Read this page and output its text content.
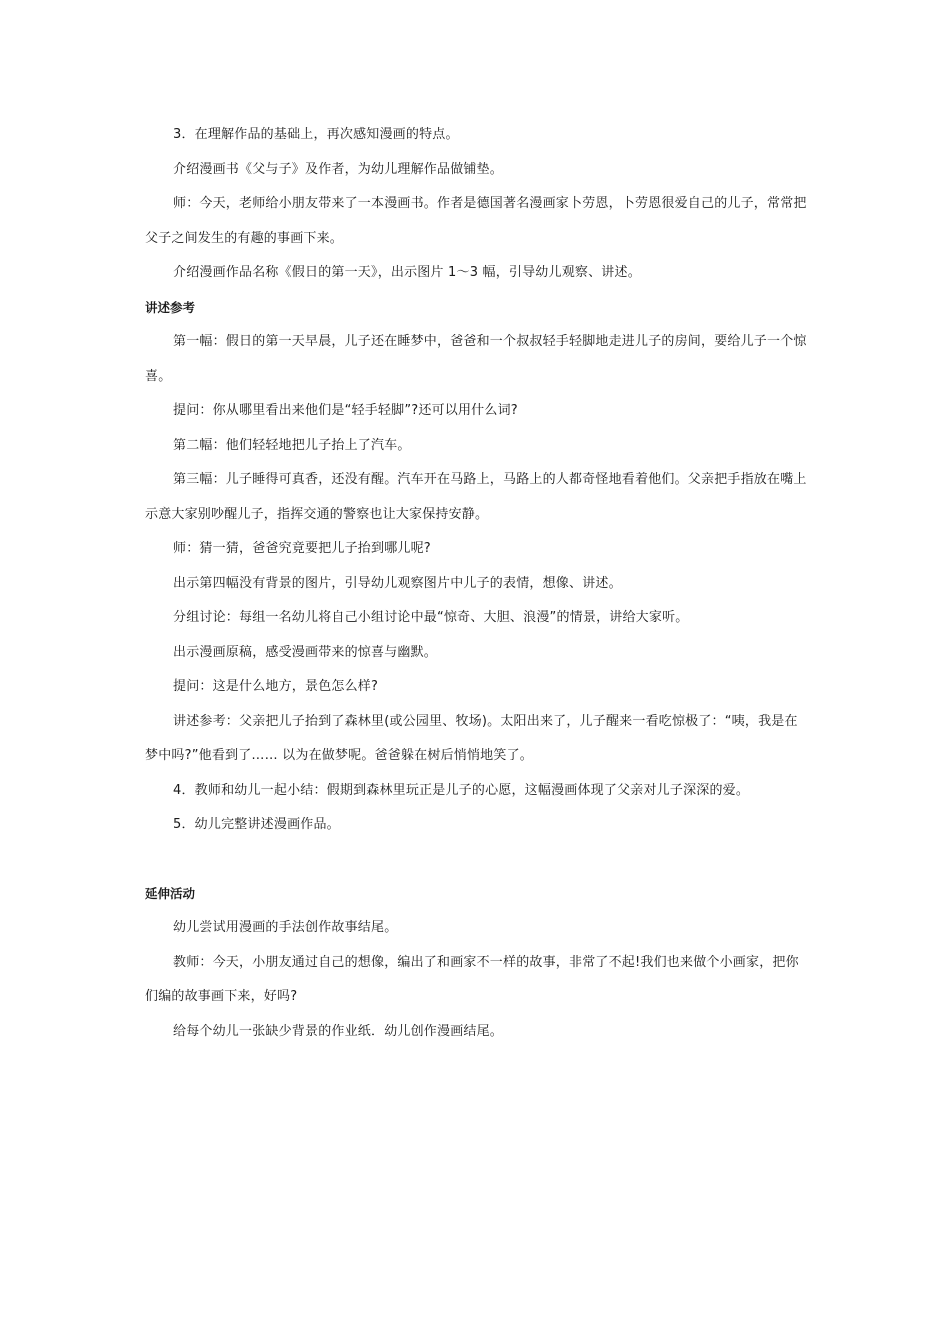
3．在理解作品的基础上，再次感知漫画的特点。

介绍漫画书《父与子》及作者，为幼儿理解作品做铺垫。

师：今天，老师给小朋友带来了一本漫画书。作者是德国著名漫画家卜劳恩，卜劳恩很爱自己的儿子，常常把父子之间发生的有趣的事画下来。

介绍漫画作品名称《假日的第一天》，出示图片 1～3 幅，引导幼儿观察、讲述。

讲述参考

第一幅：假日的第一天早晨，儿子还在睡梦中，爸爸和一个叔叔轻手轻脚地走进儿子的房间，要给儿子一个惊喜。

提问：你从哪里看出来他们是“轻手轻脚”?还可以用什么词?

第二幅：他们轻轻地把儿子抬上了汽车。

第三幅：儿子睡得可真香，还没有醒。汽车开在马路上，马路上的人都奇怪地看着他们。父亲把手指放在嘴上示意大家别吵醒儿子，指挥交通的警察也让大家保持安静。

师：猜一猜，爸爸究竟要把儿子抬到哪儿呢?

出示第四幅没有背景的图片，引导幼儿观察图片中儿子的表情，想像、讲述。

分组讨论：每组一名幼儿将自己小组讨论中最“惊奇、大胆、浪漫”的情景，讲给大家听。

出示漫画原稿，感受漫画带来的惊喜与幽默。

提问：这是什么地方，景色怎么样?

讲述参考：父亲把儿子抬到了森林里(或公园里、牧场)。太阳出来了，儿子醒来一看吃惊极了：“咦，我是在梦中吗?”他看到了…… 以为在做梦呢。爸爸躲在树后悄悄地笑了。

4．教师和幼儿一起小结：假期到森林里玩正是儿子的心愿，这幅漫画体现了父亲对儿子深深的爱。

5．幼儿完整讲述漫画作品。

延伸活动

幼儿尝试用漫画的手法创作故事结尾。

教师：今天，小朋友通过自己的想像，编出了和画家不一样的故事，非常了不起!我们也来做个小画家，把你们编的故事画下来，好吗?

给每个幼儿一张缺少背景的作业纸．幼儿创作漫画结尾。
